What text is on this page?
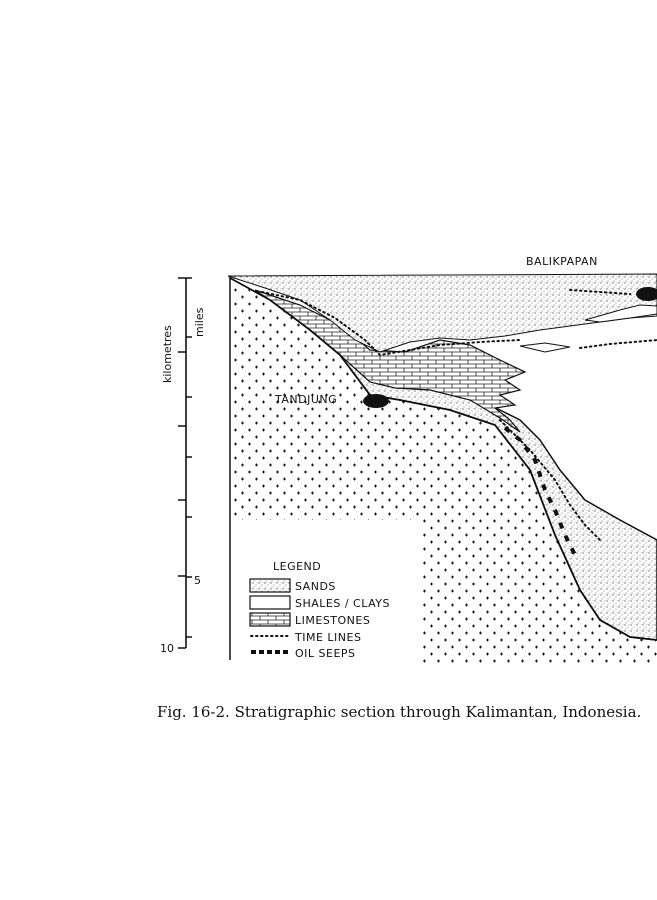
BALIKPAPAN
TANDJUNG
kilometres
miles
5
10
LEGEND
SANDS
SHALES / CLAYS
LIMESTONES
TIME LINES
OIL SEEPS
Fig. 16-2. Stratigraphic section through Kalimantan, Indonesia.
